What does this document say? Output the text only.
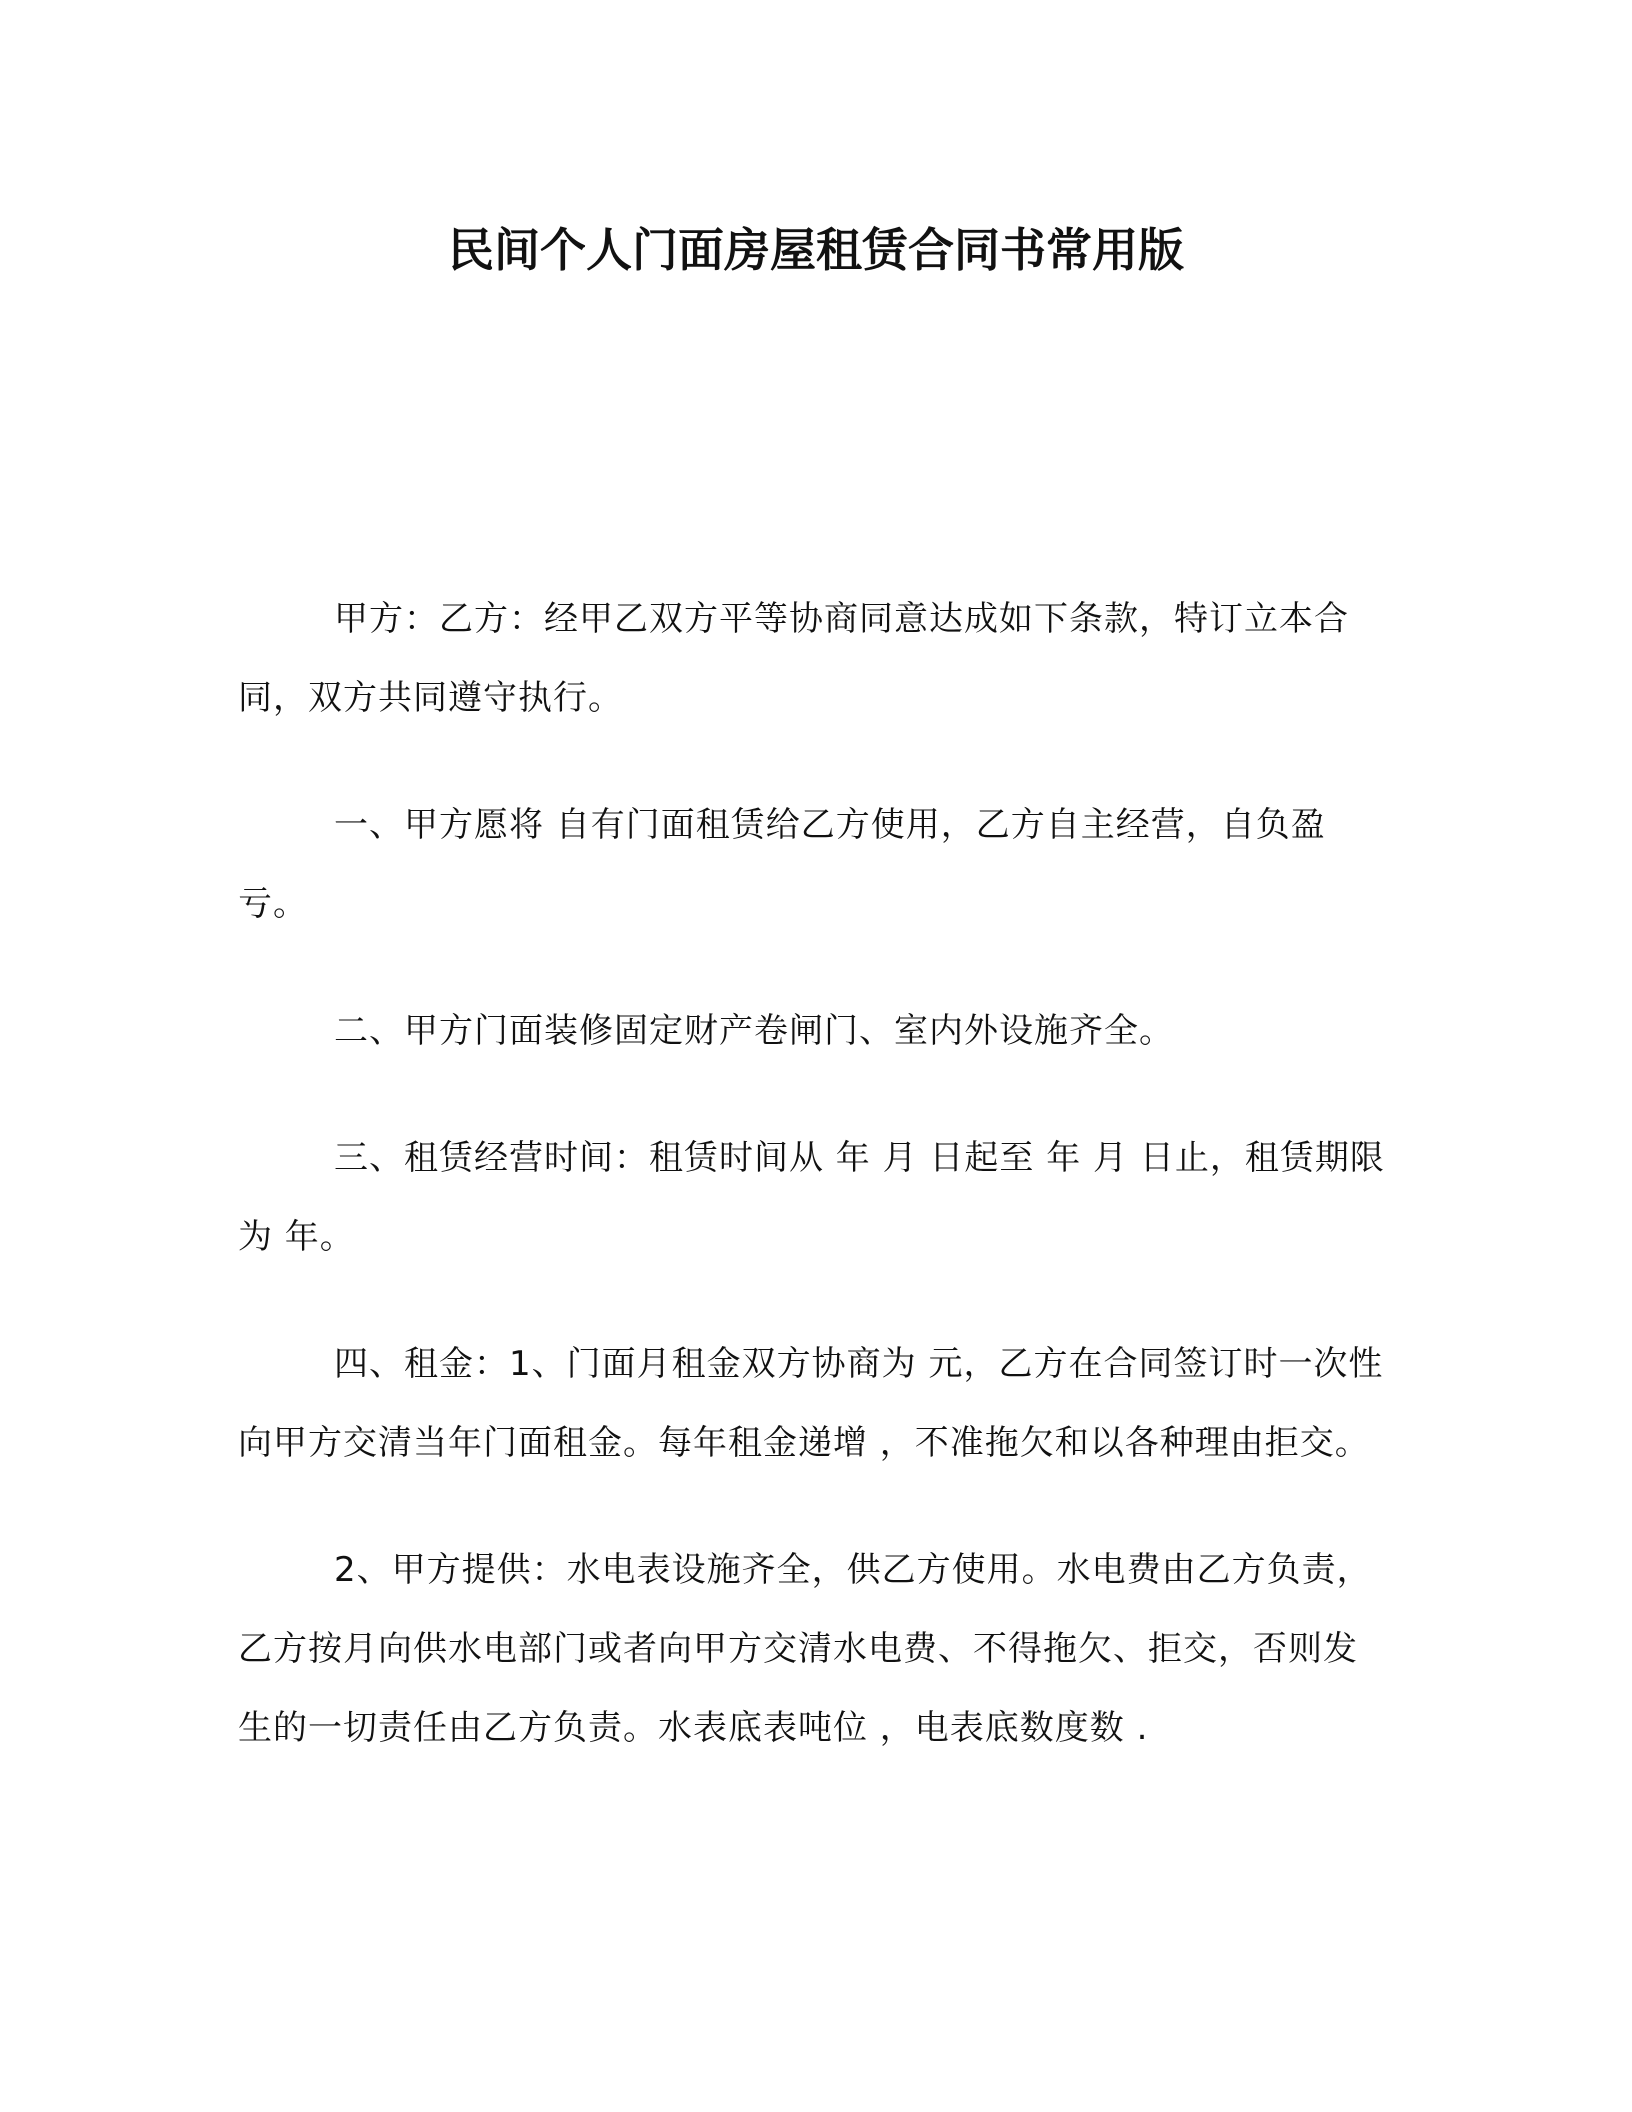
民间个人门面房屋租赁合同书常用版

甲方：乙方：经甲乙双方平等协商同意达成如下条款，特订立本合同，双方共同遵守执行。

一、甲方愿将 自有门面租赁给乙方使用，乙方自主经营，自负盈亏。

二、甲方门面装修固定财产卷闸门、室内外设施齐全。

三、租赁经营时间：租赁时间从 年 月 日起至 年 月 日止，租赁期限为 年。

四、租金：1、门面月租金双方协商为 元，乙方在合同签订时一次性向甲方交清当年门面租金。每年租金递增 ，不准拖欠和以各种理由拒交。

2、甲方提供：水电表设施齐全，供乙方使用。水电费由乙方负责，乙方按月向供水电部门或者向甲方交清水电费、不得拖欠、拒交，否则发生的一切责任由乙方负责。水表底表吨位 ，电表底数度数 .
